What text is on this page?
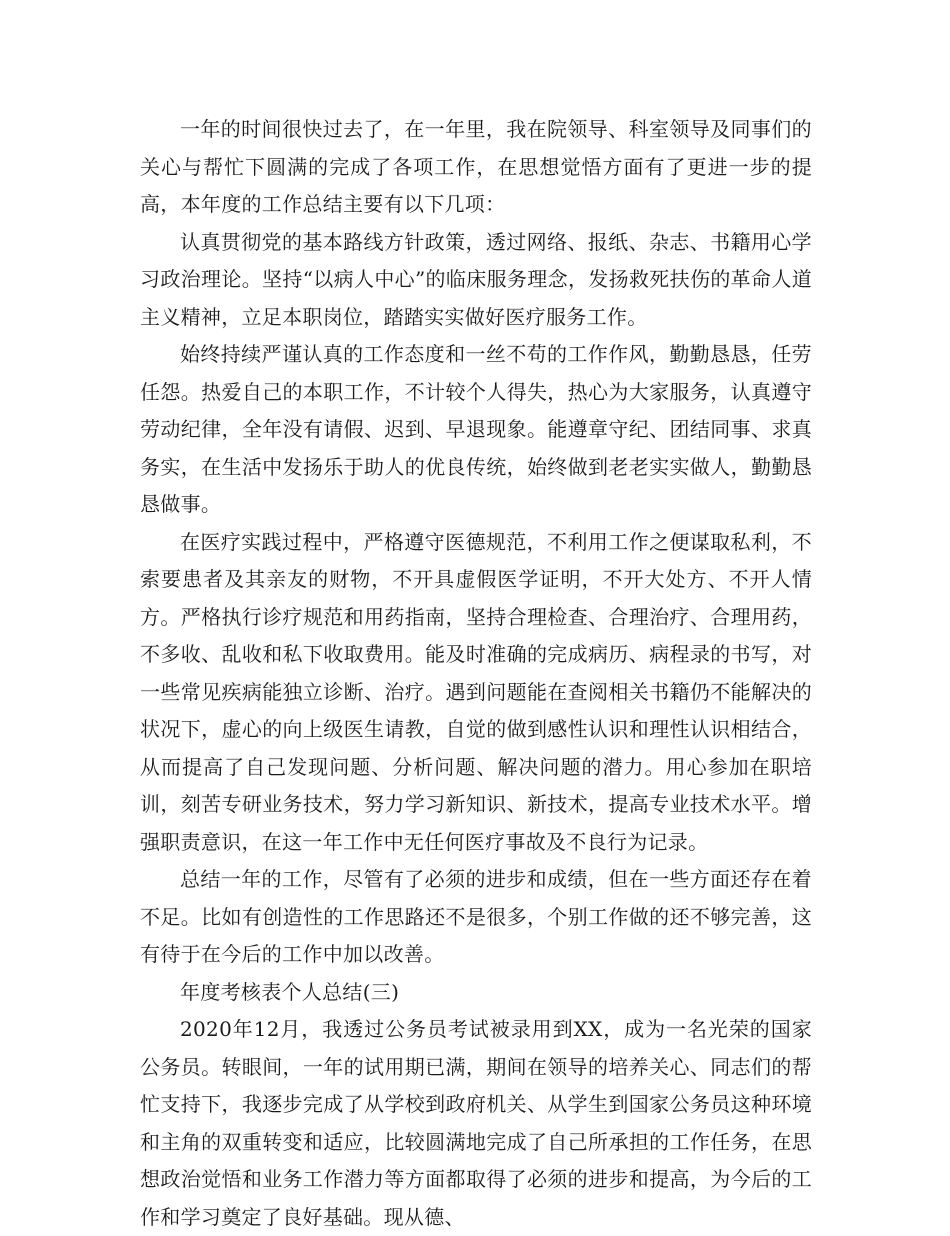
一年的时间很快过去了，在一年里，我在院领导、科室领导及同事们的关心与帮忙下圆满的完成了各项工作，在思想觉悟方面有了更进一步的提高，本年度的工作总结主要有以下几项：

认真贯彻党的基本路线方针政策，透过网络、报纸、杂志、书籍用心学习政治理论。坚持“以病人中心”的临床服务理念，发扬救死扶伤的革命人道主义精神，立足本职岗位，踏踏实实做好医疗服务工作。

始终持续严谨认真的工作态度和一丝不苟的工作作风，勤勤恳恳，任劳任怨。热爱自己的本职工作，不计较个人得失，热心为大家服务，认真遵守劳动纪律，全年没有请假、迟到、早退现象。能遵章守纪、团结同事、求真务实，在生活中发扬乐于助人的优良传统，始终做到老老实实做人，勤勤恳恳做事。

在医疗实践过程中，严格遵守医德规范，不利用工作之便谋取私利，不索要患者及其亲友的财物，不开具虚假医学证明，不开大处方、不开人情方。严格执行诊疗规范和用药指南，坚持合理检查、合理治疗、合理用药，不多收、乱收和私下收取费用。能及时准确的完成病历、病程录的书写，对一些常见疾病能独立诊断、治疗。遇到问题能在查阅相关书籍仍不能解决的状况下，虚心的向上级医生请教，自觉的做到感性认识和理性认识相结合，从而提高了自己发现问题、分析问题、解决问题的潜力。用心参加在职培训，刻苦专研业务技术，努力学习新知识、新技术，提高专业技术水平。增强职责意识，在这一年工作中无任何医疗事故及不良行为记录。

总结一年的工作，尽管有了必须的进步和成绩，但在一些方面还存在着不足。比如有创造性的工作思路还不是很多，个别工作做的还不够完善，这有待于在今后的工作中加以改善。

年度考核表个人总结(三)

2020年12月，我透过公务员考试被录用到XX，成为一名光荣的国家公务员。转眼间，一年的试用期已满，期间在领导的培养关心、同志们的帮忙支持下，我逐步完成了从学校到政府机关、从学生到国家公务员这种环境和主角的双重转变和适应，比较圆满地完成了自己所承担的工作任务，在思想政治觉悟和业务工作潜力等方面都取得了必须的进步和提高，为今后的工作和学习奠定了良好基础。现从德、
